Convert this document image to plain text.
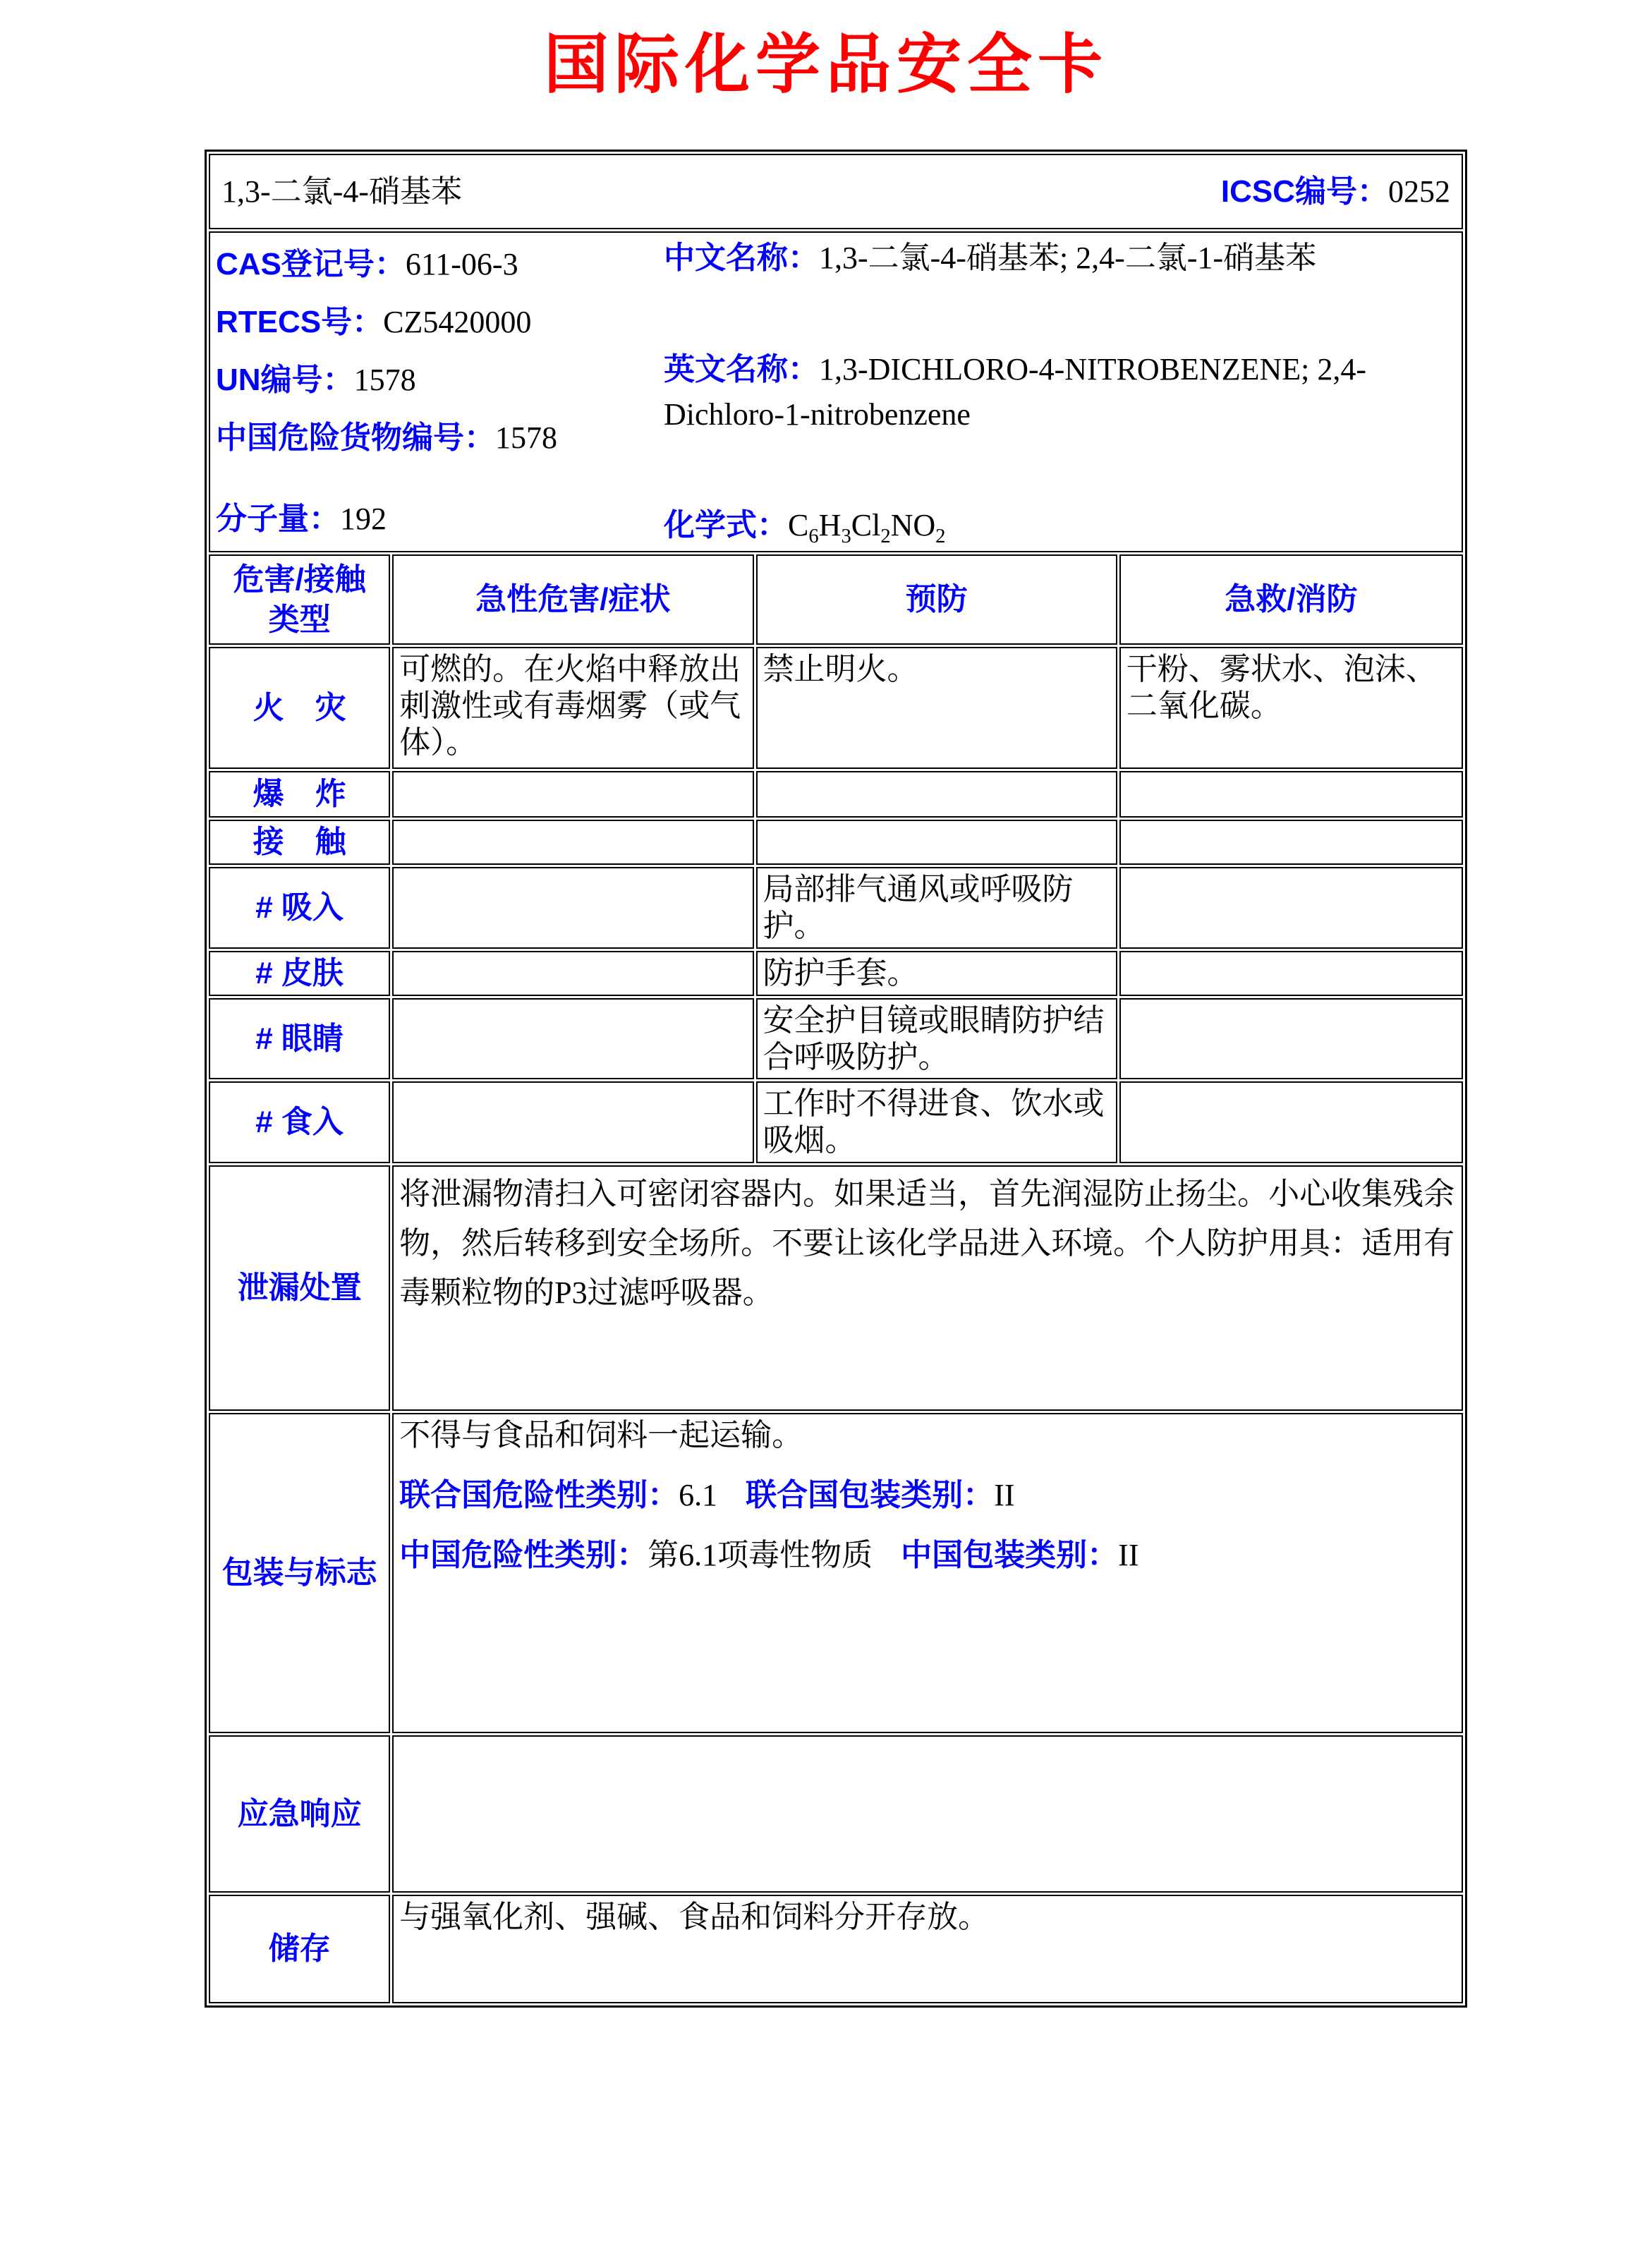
国际化学品安全卡
1,3-二氯-4-硝基苯 ICSC编号：0252			

CAS登记号：611-06-3

RTECS号：CZ5420000

UN编号：1578

中国危险货物编号：1578

分子量：192

中文名称：1,3-二氯-4-硝基苯; 2,4-二氯-1-硝基苯

英文名称：1,3-DICHLORO-4-NITROBENZENE; 2,4-Dichloro-1-nitrobenzene

化学式：$C_6H_3Cl_2NO_2$

危害/接触
类型	急性危害/症状	预防	急救/消防
火　灾	可燃的。在火焰中释放出刺激性或有毒烟雾（或气体）。	禁止明火。	干粉、雾状水、泡沫、二氧化碳。
爆　炸			
接　触			
# 吸入		局部排气通风或呼吸防护。	
# 皮肤		防护手套。	
# 眼睛		安全护目镜或眼睛防护结合呼吸防护。	
# 食入		工作时不得进食、饮水或吸烟。	
泄漏处置	将泄漏物清扫入可密闭容器内。如果适当，首先润湿防止扬尘。小心收集残余物，然后转移到安全场所。不要让该化学品进入环境。个人防护用具：适用有毒颗粒物的P3过滤呼吸器。		

包装与标志	不得与食品和饲料一起运输。

联合国危险性类别：6.1 联合国包装类别：II

中国危险性类别：第6.1项毒性物质 中国包装类别：II		

应急响应			
储存	与强氧化剂、强碱、食品和饲料分开存放。		
